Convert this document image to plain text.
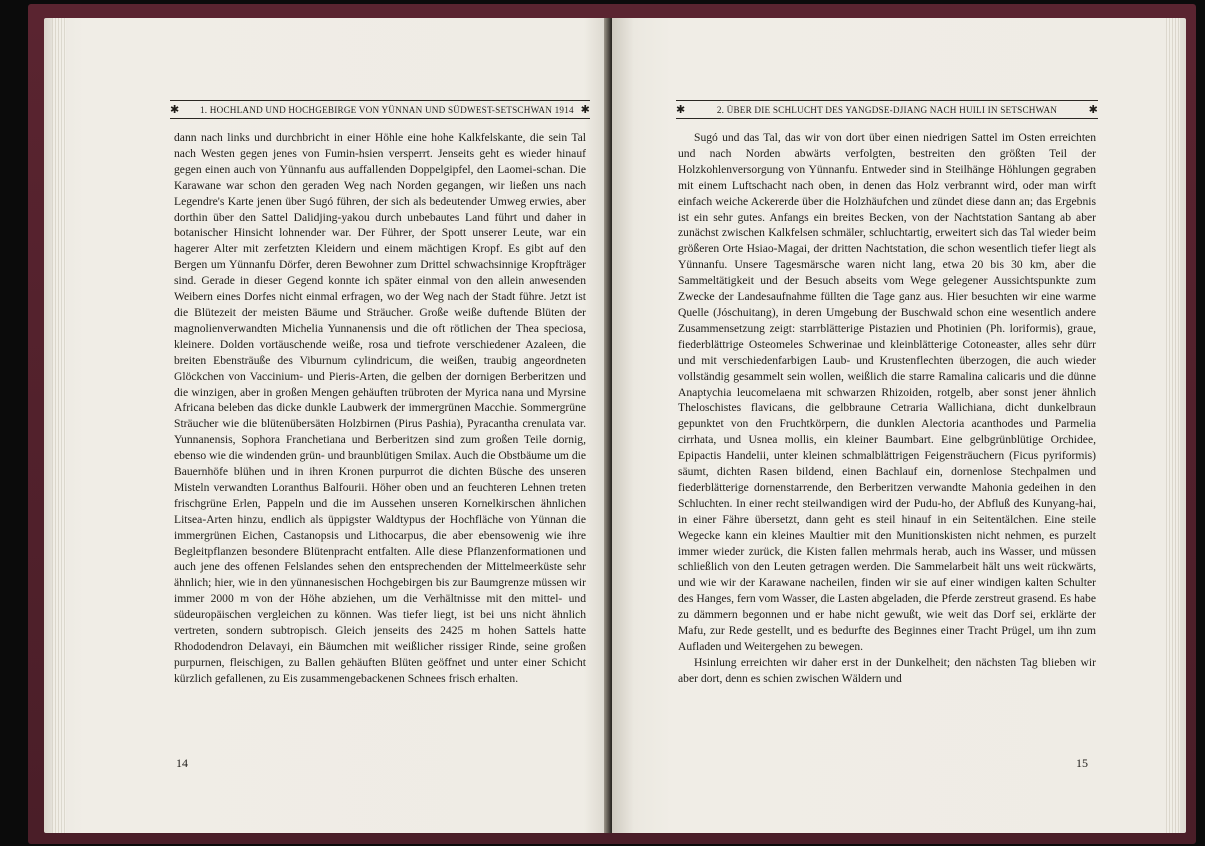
✱ 1. HOCHLAND UND HOCHGEBIRGE VON YÜNNAN UND SÜDWEST-SETSCHWAN 1914 ✱

dann nach links und durchbricht in einer Höhle eine hohe Kalkfelskante, die sein Tal nach Westen gegen jenes von Fumin-hsien versperrt. Jenseits geht es wieder hinauf gegen einen auch von Yünnanfu aus auffallenden Doppelgipfel, den Laomei-schan. Die Karawane war schon den geraden Weg nach Norden gegangen, wir ließen uns nach Legendre's Karte jenen über Sugó führen, der sich als bedeutender Umweg erwies, aber dorthin über den Sattel Dalidjing-yakou durch unbebautes Land führt und daher in botanischer Hinsicht lohnender war. Der Führer, der Spott unserer Leute, war ein hagerer Alter mit zerfetzten Kleidern und einem mächtigen Kropf. Es gibt auf den Bergen um Yünnanfu Dörfer, deren Bewohner zum Drittel schwachsinnige Kropfträger sind. Gerade in dieser Gegend konnte ich später einmal von den allein anwesenden Weibern eines Dorfes nicht einmal erfragen, wo der Weg nach der Stadt führe. Jetzt ist die Blütezeit der meisten Bäume und Sträucher. Große weiße duftende Blüten der magnolienverwandten Michelia Yunnanensis und die oft rötlichen der Thea speciosa, kleinere. Dolden vortäuschende weiße, rosa und tiefrote verschiedener Azaleen, die breiten Ebensträuße des Viburnum cylindricum, die weißen, traubig angeordneten Glöckchen von Vaccinium- und Pieris-Arten, die gelben der dornigen Berberitzen und die winzigen, aber in großen Mengen gehäuften trübroten der Myrica nana und Myrsine Africana beleben das dicke dunkle Laubwerk der immergrünen Macchie. Sommergrüne Sträucher wie die blütenübersäten Holzbirnen (Pirus Pashia), Pyracantha crenulata var. Yunnanensis, Sophora Franchetiana und Berberitzen sind zum großen Teile dornig, ebenso wie die windenden grün- und braunblütigen Smilax. Auch die Obstbäume um die Bauernhöfe blühen und in ihren Kronen purpurrot die dichten Büsche des unseren Misteln verwandten Loranthus Balfourii. Höher oben und an feuchteren Lehnen treten frischgrüne Erlen, Pappeln und die im Aussehen unseren Kornelkirschen ähnlichen Litsea-Arten hinzu, endlich als üppigster Waldtypus der Hochfläche von Yünnan die immergrünen Eichen, Castanopsis und Lithocarpus, die aber ebensowenig wie ihre Begleitpflanzen besondere Blütenpracht entfalten. Alle diese Pflanzenformationen und auch jene des offenen Felslandes sehen den entsprechenden der Mittelmeerküste sehr ähnlich; hier, wie in den yünnanesischen Hochgebirgen bis zur Baumgrenze müssen wir immer 2000 m von der Höhe abziehen, um die Verhältnisse mit den mittel- und südeuropäischen vergleichen zu können. Was tiefer liegt, ist bei uns nicht ähnlich vertreten, sondern subtropisch. Gleich jenseits des 2425 m hohen Sattels hatte Rhododendron Delavayi, ein Bäumchen mit weißlicher rissiger Rinde, seine großen purpurnen, fleischigen, zu Ballen gehäuften Blüten geöffnet und unter einer Schicht kürzlich gefallenen, zu Eis zusammengebackenen Schnees frisch erhalten.

14
✱	2. ÜBER DIE SCHLUCHT DES YANGDSE-DJIANG NACH HUILI IN SETSCHWAN	✱

Sugó und das Tal, das wir von dort über einen niedrigen Sattel im Osten erreichten und nach Norden abwärts verfolgten, bestreiten den größten Teil der Holzkohlenversorgung von Yünnanfu. Entweder sind in Steilhänge Höhlungen gegraben mit einem Luftschacht nach oben, in denen das Holz verbrannt wird, oder man wirft einfach weiche Ackererde über die Holzhäufchen und zündet diese dann an; das Ergebnis ist ein sehr gutes. Anfangs ein breites Becken, von der Nachtstation Santang ab aber zunächst zwischen Kalkfelsen schmäler, schluchtartig, erweitert sich das Tal wieder beim größeren Orte Hsiao-Magai, der dritten Nachtstation, die schon wesentlich tiefer liegt als Yünnanfu. Unsere Tagesmärsche waren nicht lang, etwa 20 bis 30 km, aber die Sammeltätigkeit und der Besuch abseits vom Wege gelegener Aussichtspunkte zum Zwecke der Landesaufnahme füllten die Tage ganz aus. Hier besuchten wir eine warme Quelle (Jóschuitang), in deren Umgebung der Buschwald schon eine wesentlich andere Zusammensetzung zeigt: starrblätterige Pistazien und Photinien (Ph. loriformis), graue, fiederblättrige Osteomeles Schwerinae und kleinblätterige Cotoneaster, alles sehr dürr und mit verschiedenfarbigen Laub- und Krustenflechten überzogen, die auch wieder vollständig gesammelt sein wollen, weißlich die starre Ramalina calicaris und die dünne Anaptychia leucomelaena mit schwarzen Rhizoiden, rotgelb, aber sonst jener ähnlich Theloschistes flavicans, die gelbbraune Cetraria Wallichiana, dicht dunkelbraun gepunktet von den Fruchtkörpern, die dunklen Alectoria acanthodes und Parmelia cirrhata, und Usnea mollis, ein kleiner Baumbart. Eine gelbgrünblütige Orchidee, Epipactis Handelii, unter kleinen schmalblättrigen Feigensträuchern (Ficus pyriformis) säumt, dichten Rasen bildend, einen Bachlauf ein, dornenlose Stechpalmen und fiederblätterige dornenstarrende, den Berberitzen verwandte Mahonia gedeihen in den Schluchten. In einer recht steilwandigen wird der Pudu-ho, der Abfluß des Kunyang-hai, in einer Fähre übersetzt, dann geht es steil hinauf in ein Seitentälchen. Eine steile Wegecke kann ein kleines Maultier mit den Munitionskisten nicht nehmen, es purzelt immer wieder zurück, die Kisten fallen mehrmals herab, auch ins Wasser, und müssen schließlich von den Leuten getragen werden. Die Sammelarbeit hält uns weit rückwärts, und wie wir der Karawane nacheilen, finden wir sie auf einer windigen kalten Schulter des Hanges, fern vom Wasser, die Lasten abgeladen, die Pferde zerstreut grasend. Es habe zu dämmern begonnen und er habe nicht gewußt, wie weit das Dorf sei, erklärte der Mafu, zur Rede gestellt, und es bedurfte des Beginnes einer Tracht Prügel, um ihn zum Aufladen und Weitergehen zu bewegen.

Hsinlung erreichten wir daher erst in der Dunkelheit; den nächsten Tag blieben wir aber dort, denn es schien zwischen Wäldern und

15
